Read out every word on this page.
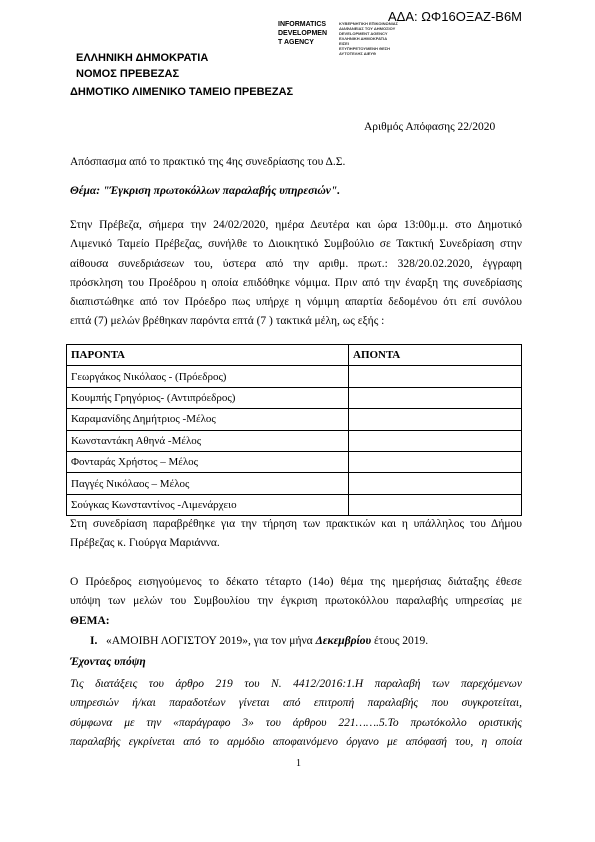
ΑΔΑ: ΩΦ16ΟΞΑΖ-Β6Μ
INFORMATICS
DEVELOPMEN
T AGENCY
ΚΥΒΕΡΝΗΤΙΚΗ ΕΠΙΚΟΙΝΩΝΙΑΣ
ΔΙΑΦΑΝΕΙΑΣ ΤΟΥ ΔΗΜΟΣΙΟΥ
DEVELOPMENT AGENCY
ΕΛΛΗΝΙΚΗ ΔΗΜΟΚΡΑΤΙΑ
ΕΙΣΕΙ
ΕΞΥΠΗΡΕΤΟΥΜΕΝΗ ΘΕΣΗ
ΑΥΤΟΤΕΛΗΣ ΔΙΕΥΘ
ΕΛΛΗΝΙΚΗ ΔΗΜΟΚΡΑΤΙΑ
ΝΟΜΟΣ ΠΡΕΒΕΖΑΣ
ΔΗΜΟΤΙΚΟ ΛΙΜΕΝΙΚΟ ΤΑΜΕΙΟ ΠΡΕΒΕΖΑΣ
Αριθμός Απόφασης 22/2020
Απόσπασμα από το πρακτικό της 4ης συνεδρίασης του Δ.Σ.
Θέμα: "Έγκριση πρωτοκόλλων παραλαβής υπηρεσιών".
Στην Πρέβεζα, σήμερα την 24/02/2020, ημέρα Δευτέρα και ώρα 13:00μ.μ. στο Δημοτικό
Λιμενικό Ταμείο Πρέβεζας, συνήλθε το Διοικητικό Συμβούλιο σε Τακτική Συνεδρίαση στην
αίθουσα συνεδριάσεων του, ύστερα από την αριθμ. πρωτ.: 328/20.02.2020, έγγραφη
πρόσκληση του Προέδρου η οποία επιδόθηκε νόμιμα. Πριν από την έναρξη της συνεδρίασης
διαπιστώθηκε από τον Πρόεδρο πως υπήρχε η νόμιμη απαρτία δεδομένου ότι επί συνόλου
επτά (7) μελών βρέθηκαν παρόντα επτά (7 ) τακτικά μέλη, ως εξής :
ΠΑΡΟΝΤΑ	ΑΠΟΝΤΑ
Γεωργάκος Νικόλαος - (Πρόεδρος)	
Κουμπής Γρηγόριος- (Αντιπρόεδρος)	
Καραμανίδης Δημήτριος -Μέλος	
Κωνσταντάκη Αθηνά -Μέλος	
Φονταράς Χρήστος – Μέλος	
Παγγές Νικόλαος – Μέλος	
Σούγκας Κωνσταντίνος -Λιμενάρχειο	
Στη συνεδρίαση παραβρέθηκε για την τήρηση των πρακτικών και η υπάλληλος του Δήμου
Πρέβεζας κ. Γιούργα Μαριάννα.
Ο Πρόεδρος εισηγούμενος το δέκατο τέταρτο (14ο) θέμα της ημερήσιας διάταξης έθεσε
υπόψη των μελών του Συμβουλίου την έγκριση πρωτοκόλλου παραλαβής υπηρεσίας με
ΘΕΜΑ:
I. «ΑΜΟΙΒΗ ΛΟΓΙΣΤΟΥ 2019», για τον μήνα Δεκεμβρίου έτους 2019.
Έχοντας υπόψη
Τις διατάξεις του άρθρο 219 του Ν. 4412/2016:1.Η παραλαβή των παρεχόμενων
υπηρεσιών ή/και παραδοτέων γίνεται από επιτροπή παραλαβής που συγκροτείται,
σύμφωνα με την «παράγραφο 3» του άρθρου 221…….5.Το πρωτόκολλο οριστικής
παραλαβής εγκρίνεται από το αρμόδιο αποφαινόμενο όργανο με απόφασή του, η οποία
1
